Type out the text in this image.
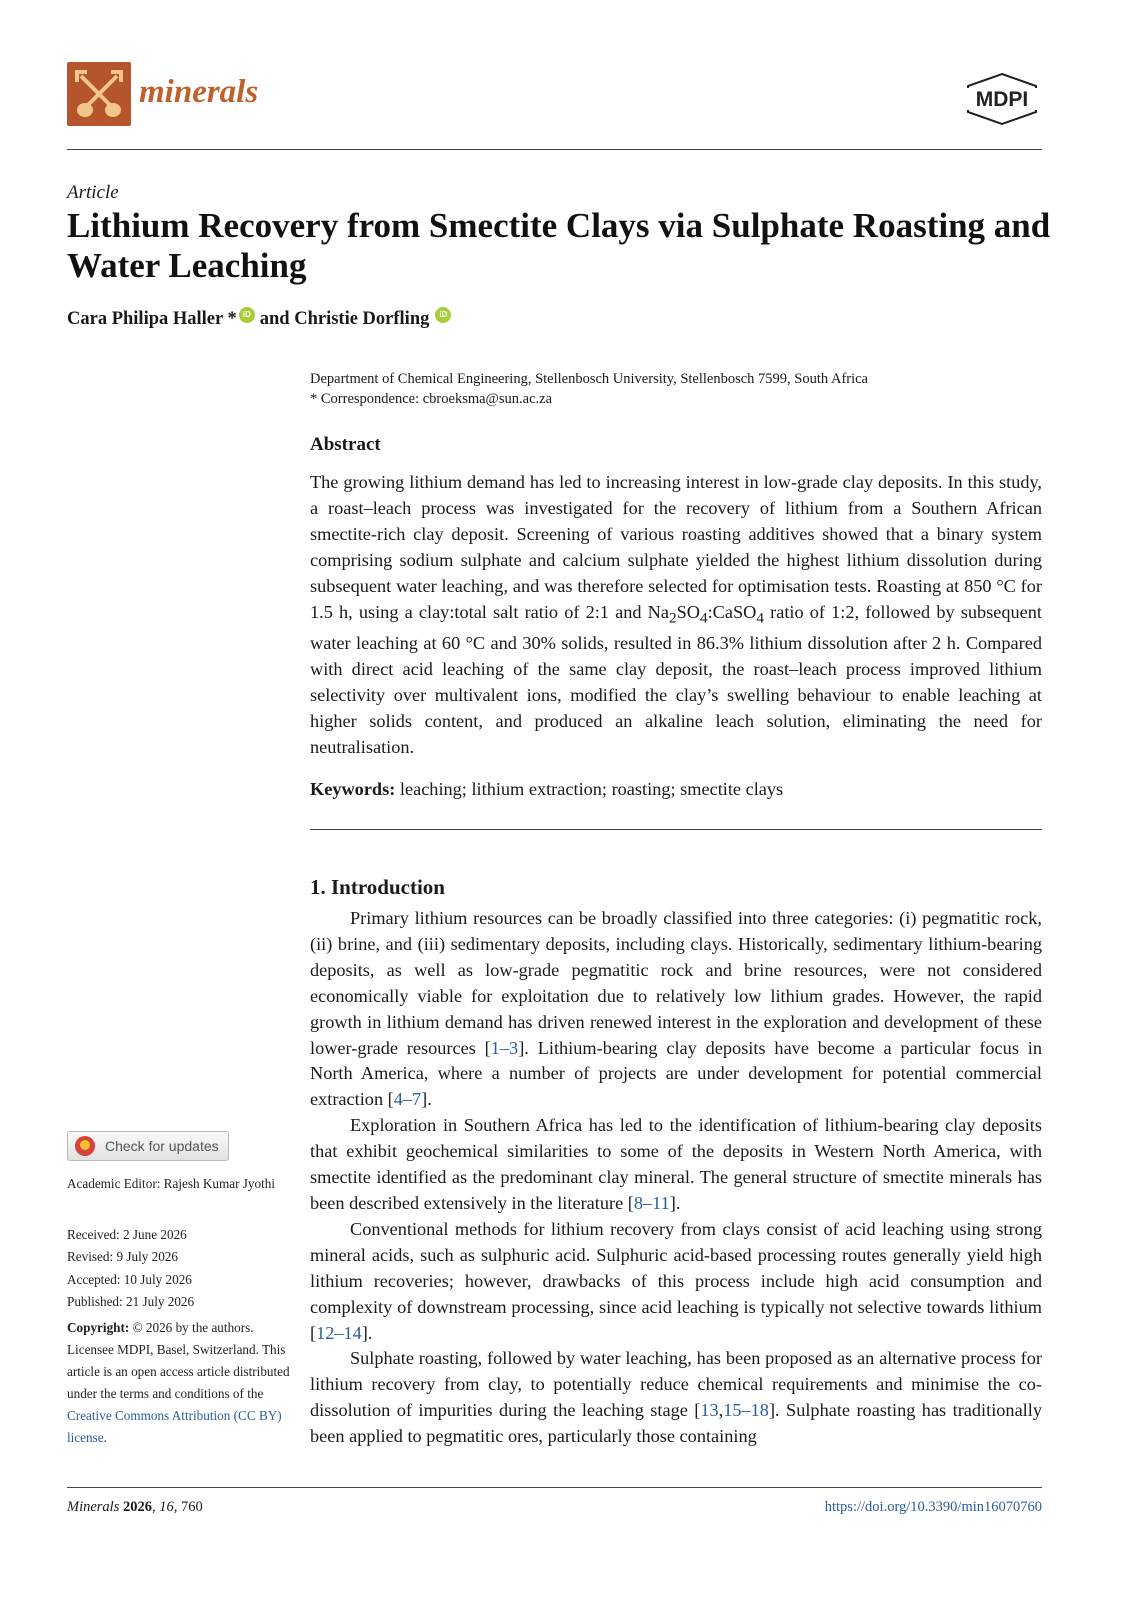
minerals	MDPI
Article
Lithium Recovery from Smectite Clays via Sulphate Roasting and Water Leaching
Cara Philipa Haller * iD and Christie Dorfling	iD
Department of Chemical Engineering, Stellenbosch University, Stellenbosch 7599, South Africa
* Correspondence: cbroeksma@sun.ac.za
Abstract
The growing lithium demand has led to increasing interest in low-grade clay deposits. In this study, a roast–leach process was investigated for the recovery of lithium from a Southern African smectite-rich clay deposit. Screening of various roasting additives showed that a binary system comprising sodium sulphate and calcium sulphate yielded the highest lithium dissolution during subsequent water leaching, and was therefore selected for optimisation tests. Roasting at 850 °C for 1.5 h, using a clay:total salt ratio of 2:1 and $Na_2SO_4:CaSO_4$ ratio of 1:2, followed by subsequent water leaching at 60 °C and 30% solids, resulted in 86.3% lithium dissolution after 2 h. Compared with direct acid leaching of the same clay deposit, the roast–leach process improved lithium selectivity over multivalent ions, modified the clay’s swelling behaviour to enable leaching at higher solids content, and produced an alkaline leach solution, eliminating the need for neutralisation.
Keywords: leaching; lithium extraction; roasting; smectite clays
1. Introduction

Primary lithium resources can be broadly classified into three categories: (i) pegmatitic rock, (ii) brine, and (iii) sedimentary deposits, including clays. Historically, sedimentary lithium-bearing deposits, as well as low-grade pegmatitic rock and brine resources, were not considered economically viable for exploitation due to relatively low lithium grades. However, the rapid growth in lithium demand has driven renewed interest in the exploration and development of these lower-grade resources [1–3]. Lithium-bearing clay deposits have become a particular focus in North America, where a number of projects are under development for potential commercial extraction [4–7].

Exploration in Southern Africa has led to the identification of lithium-bearing clay deposits that exhibit geochemical similarities to some of the deposits in Western North America, with smectite identified as the predominant clay mineral. The general structure of smectite minerals has been described extensively in the literature [8–11].

Conventional methods for lithium recovery from clays consist of acid leaching using strong mineral acids, such as sulphuric acid. Sulphuric acid-based processing routes generally yield high lithium recoveries; however, drawbacks of this process include high acid consumption and complexity of downstream processing, since acid leaching is typically not selective towards lithium [12–14].

Sulphate roasting, followed by water leaching, has been proposed as an alternative process for lithium recovery from clay, to potentially reduce chemical requirements and minimise the co-dissolution of impurities during the leaching stage [13,15–18]. Sulphate roasting has traditionally been applied to pegmatitic ores, particularly those containing

Check for updates
Academic Editor: Rajesh Kumar Jyothi
Received: 2 June 2026
Revised: 9 July 2026
Accepted: 10 July 2026
Published: 21 July 2026
Copyright: © 2026 by the authors. Licensee MDPI, Basel, Switzerland. This article is an open access article distributed under the terms and conditions of the Creative Commons Attribution (CC BY) license.
Minerals 2026, 16, 760	https://doi.org/10.3390/min16070760
